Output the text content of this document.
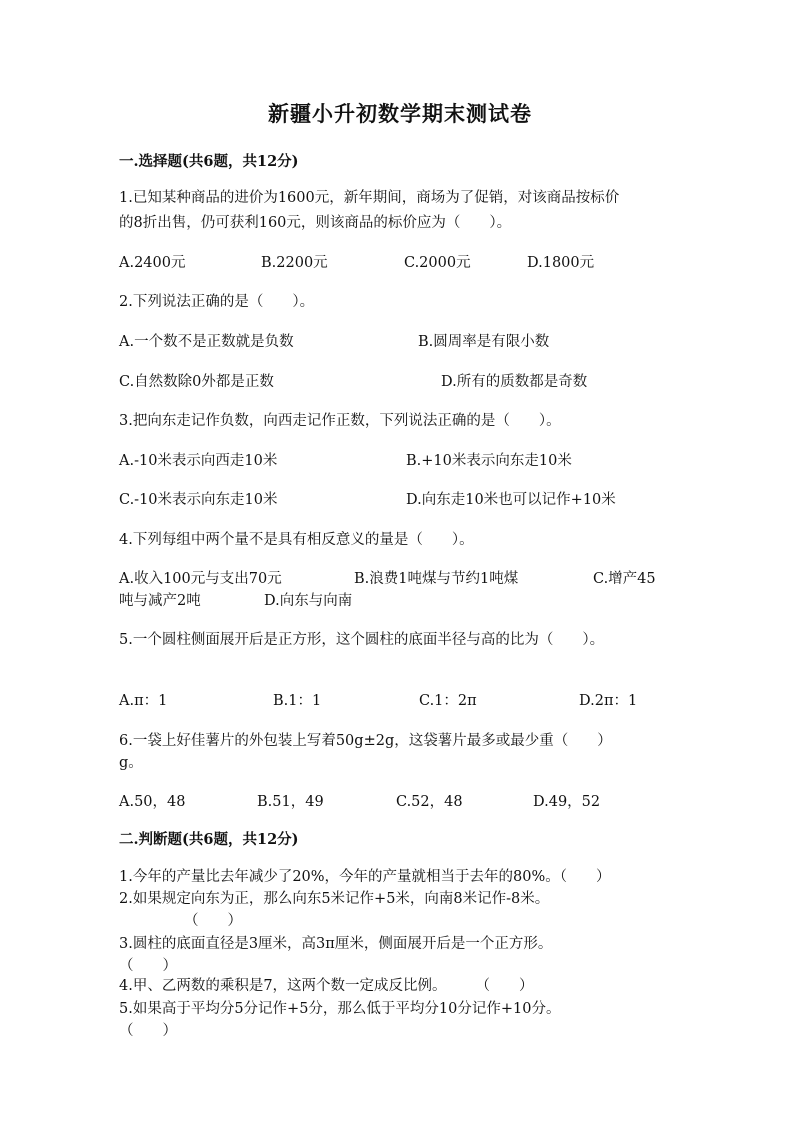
新疆小升初数学期末测试卷
一.选择题(共6题，共12分)
1.已知某种商品的进价为1600元，新年期间，商场为了促销，对该商品按标价
的8折出售，仍可获利160元，则该商品的标价应为（　　）。
A.2400元	B.2200元	C.2000元	D.1800元
2.下列说法正确的是（　　）。
A.一个数不是正数就是负数	B.圆周率是有限小数
C.自然数除0外都是正数	D.所有的质数都是奇数
3.把向东走记作负数，向西走记作正数，下列说法正确的是（　　）。
A.-10米表示向西走10米	B.+10米表示向东走10米
C.-10米表示向东走10米	D.向东走10米也可以记作+10米
4.下列每组中两个量不是具有相反意义的量是（　　）。
A.收入100元与支出70元	B.浪费1吨煤与节约1吨煤	C.增产45
吨与减产2吨	D.向东与向南
5.一个圆柱侧面展开后是正方形，这个圆柱的底面半径与高的比为（　　）。
A.π：1	B.1：1	C.1：2π	D.2π：1
6.一袋上好佳薯片的外包装上写着50g±2g，这袋薯片最多或最少重（　　）
g。
A.50，48	B.51，49	C.52，48	D.49，52
二.判断题(共6题，共12分)
1.今年的产量比去年减少了20%，今年的产量就相当于去年的80%。（　　）
2.如果规定向东为正，那么向东5米记作+5米，向南8米记作-8米。
（　　）
3.圆柱的底面直径是3厘米，高3π厘米，侧面展开后是一个正方形。
（　　）
4.甲、乙两数的乘积是7，这两个数一定成反比例。　　　（　　）
5.如果高于平均分5分记作+5分，那么低于平均分10分记作+10分。
（　　）
